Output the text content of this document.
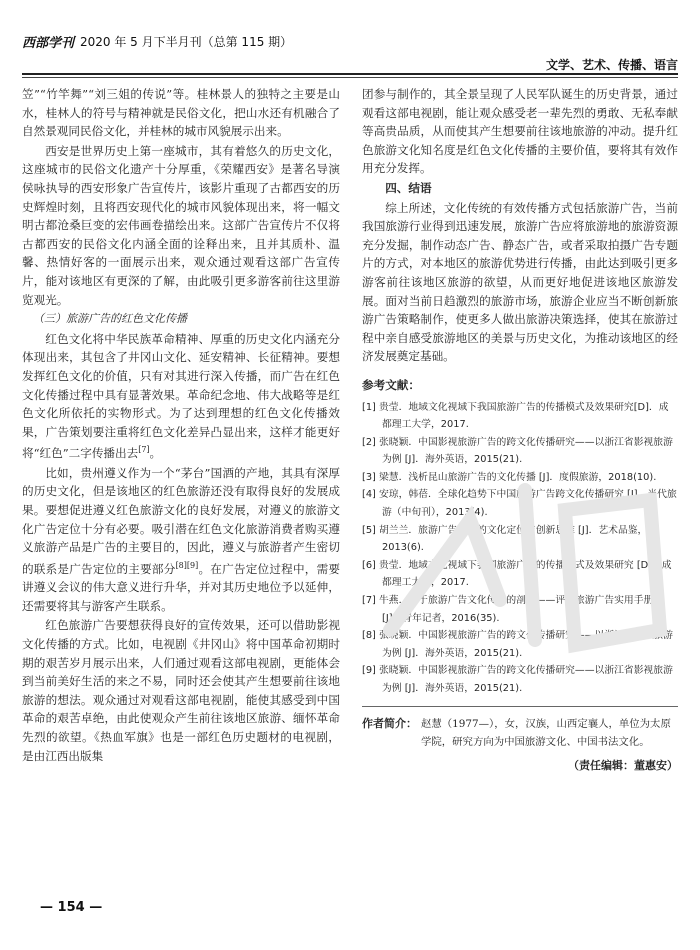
西部学刊 2020 年 5 月下半月刊（总第 115 期）
文学、艺术、传播、语言

笠”“竹竿舞”“刘三姐的传说”等。桂林景人的独特之主要是山水，桂林人的符号与精神就是民俗文化，把山水还有机融合了自然景观同民俗文化，并桂林的城市风貌展示出来。

西安是世界历史上第一座城市，其有着悠久的历史文化，这座城市的民俗文化遗产十分厚重，《荣耀西安》是著名导演侯咏执导的西安形象广告宣传片，该影片重现了古都西安的历史辉煌时刻，且将西安现代化的城市风貌体现出来，将一幅文明古都沧桑巨变的宏伟画卷描绘出来。这部广告宣传片不仅将古都西安的民俗文化内涵全面的诠释出来，且并其质朴、温馨、热情好客的一面展示出来，观众通过观看这部广告宣传片，能对该地区有更深的了解，由此吸引更多游客前往这里游览观光。

（三）旅游广告的红色文化传播

红色文化将中华民族革命精神、厚重的历史文化内涵充分体现出来，其包含了井冈山文化、延安精神、长征精神。要想发挥红色文化的价值，只有对其进行深入传播，而广告在红色文化传播过程中具有显著效果。革命纪念地、伟大战略等是红色文化所依托的实物形式。为了达到理想的红色文化传播效果，广告策划要注重将红色文化差异凸显出来，这样才能更好将“红色”二字传播出去[7]。

比如，贵州遵义作为一个“茅台”国酒的产地，其具有深厚的历史文化，但是该地区的红色旅游还没有取得良好的发展成果。要想促进遵义红色旅游文化的良好发展，对遵义的旅游文化广告定位十分有必要。吸引潜在红色文化旅游消费者购买遵义旅游产品是广告的主要目的，因此，遵义与旅游者产生密切的联系是广告定位的主要部分[8][9]。在广告定位过程中，需要讲遵义会议的伟大意义进行升华，并对其历史地位予以延伸，还需要将其与游客产生联系。

红色旅游广告要想获得良好的宣传效果，还可以借助影视文化传播的方式。比如，电视剧《井冈山》将中国革命初期时期的艰苦岁月展示出来，人们通过观看这部电视剧，更能体会到当前美好生活的来之不易，同时还会使其产生想要前往该地旅游的想法。观众通过对观看这部电视剧，能使其感受到中国革命的艰苦卓绝，由此使观众产生前往该地区旅游、缅怀革命先烈的欲望。《热血军旗》也是一部红色历史题材的电视剧，是由江西出版集

团参与制作的，其全景呈现了人民军队诞生的历史背景，通过观看这部电视剧，能让观众感受老一辈先烈的勇敢、无私奉献等高贵品质，从而使其产生想要前往该地旅游的冲动。提升红色旅游文化知名度是红色文化传播的主要价值，要将其有效作用充分发挥。

四、结语

综上所述，文化传统的有效传播方式包括旅游广告，当前我国旅游行业得到迅速发展，旅游广告应将旅游地的旅游资源充分发掘，制作动态广告、静态广告，或者采取拍摄广告专题片的方式，对本地区的旅游优势进行传播，由此达到吸引更多游客前往该地区旅游的欲望，从而更好地促进该地区旅游发展。面对当前日趋激烈的旅游市场，旅游企业应当不断创新旅游广告策略制作，使更多人做出旅游决策选择，使其在旅游过程中亲自感受旅游地区的美景与历史文化，为推动该地区的经济发展奠定基础。

参考文献：
[1] 贵莹．地域文化视域下我国旅游广告的传播模式及效果研究[D]．成都理工大学，2017.
[2] 张晓颖．中国影视旅游广告的跨文化传播研究——以浙江省影视旅游为例 [J]．海外英语，2015(21).
[3] 梁慧．浅析昆山旅游广告的文化传播 [J]．度假旅游，2018(10).
[4] 安琼，韩蓓．全球化趋势下中国旅游广告跨文化传播研究 [J]．当代旅游（中旬刊），2013(4).
[5] 胡兰兰．旅游广告设计的文化定位与创新思维 [J]．艺术品鉴，2013(6).
[6] 贵莹．地域文化视域下我国旅游广告的传播模式及效果研究 [D]．成都理工大学，2017.
[7] 牛燕．关于旅游广告文化传播的剖析——评《旅游广告实用手册》[J]．青年记者，2016(35).
[8] 张晓颖．中国影视旅游广告的跨文化传播研究——以浙江省影视旅游为例 [J]．海外英语，2015(21).
[9] 张晓颖．中国影视旅游广告的跨文化传播研究——以浙江省影视旅游为例 [J]．海外英语，2015(21).
作者简介： 赵慧（1977—），女，汉族，山西定襄人，单位为太原学院，研究方向为中国旅游文化、中国书法文化。
（责任编辑：董惠安）
— 154 —
